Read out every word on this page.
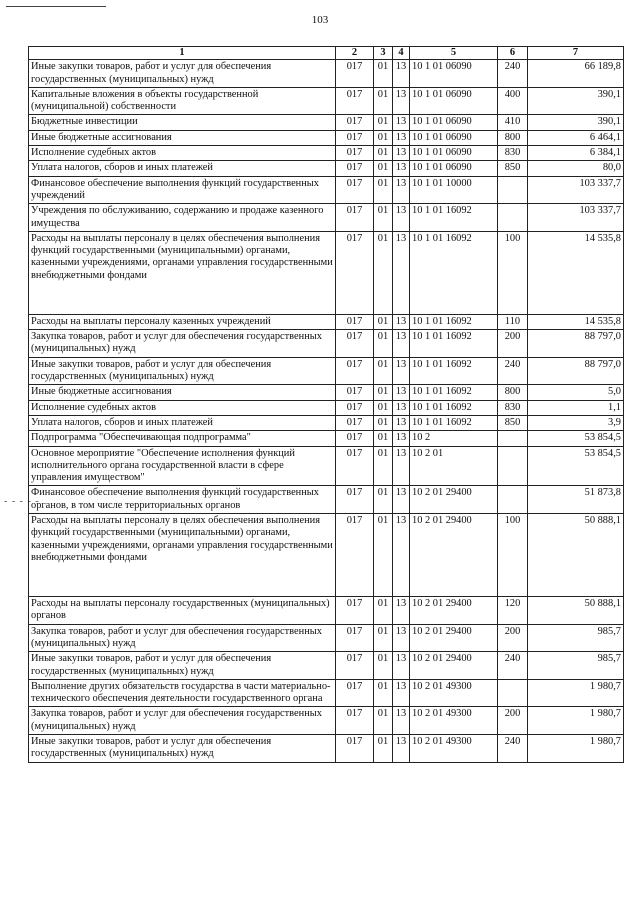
103
- - - - -
1	2	3	4	5	6	7
Иные закупки товаров, работ и услуг для обеспечения государственных (муниципальных) нужд	017	01	13	10 1 01 06090	240	66 189,8
Капитальные вложения в объекты государственной (муниципальной) собственности	017	01	13	10 1 01 06090	400	390,1
Бюджетные инвестиции	017	01	13	10 1 01 06090	410	390,1
Иные бюджетные ассигнования	017	01	13	10 1 01 06090	800	6 464,1
Исполнение судебных актов	017	01	13	10 1 01 06090	830	6 384,1
Уплата налогов, сборов и иных платежей	017	01	13	10 1 01 06090	850	80,0
Финансовое обеспечение выполнения функций государственных учреждений	017	01	13	10 1 01 10000		103 337,7
Учреждения по обслуживанию, содержанию и продаже казенного имущества	017	01	13	10 1 01 16092		103 337,7
Расходы на выплаты персоналу в целях обеспечения выполнения функций государственными (муниципальными) органами, казенными учреждениями, органами управления государственными внебюджетными фондами	017	01	13	10 1 01 16092	100	14 535,8
Расходы на выплаты персоналу казенных учреждений	017	01	13	10 1 01 16092	110	14 535,8
Закупка товаров, работ и услуг для обеспечения государственных (муниципальных) нужд	017	01	13	10 1 01 16092	200	88 797,0
Иные закупки товаров, работ и услуг для обеспечения государственных (муниципальных) нужд	017	01	13	10 1 01 16092	240	88 797,0
Иные бюджетные ассигнования	017	01	13	10 1 01 16092	800	5,0
Исполнение судебных актов	017	01	13	10 1 01 16092	830	1,1
Уплата налогов, сборов и иных платежей	017	01	13	10 1 01 16092	850	3,9
Подпрограмма "Обеспечивающая подпрограмма"	017	01	13	10 2		53 854,5
Основное мероприятие "Обеспечение исполнения функций исполнительного органа государственной власти в сфере управления имуществом"	017	01	13	10 2 01		53 854,5
Финансовое обеспечение выполнения функций государственных органов, в том числе территориальных органов	017	01	13	10 2 01 29400		51 873,8
Расходы на выплаты персоналу в целях обеспечения выполнения функций государственными (муниципальными) органами, казенными учреждениями, органами управления государственными внебюджетными фондами	017	01	13	10 2 01 29400	100	50 888,1
Расходы на выплаты персоналу государственных (муниципальных) органов	017	01	13	10 2 01 29400	120	50 888,1
Закупка товаров, работ и услуг для обеспечения государственных (муниципальных) нужд	017	01	13	10 2 01 29400	200	985,7
Иные закупки товаров, работ и услуг для обеспечения государственных (муниципальных) нужд	017	01	13	10 2 01 29400	240	985,7
Выполнение других обязательств государства в части материально-технического обеспечения деятельности государственного органа	017	01	13	10 2 01 49300		1 980,7
Закупка товаров, работ и услуг для обеспечения государственных (муниципальных) нужд	017	01	13	10 2 01 49300	200	1 980,7
Иные закупки товаров, работ и услуг для обеспечения государственных (муниципальных) нужд	017	01	13	10 2 01 49300	240	1 980,7
